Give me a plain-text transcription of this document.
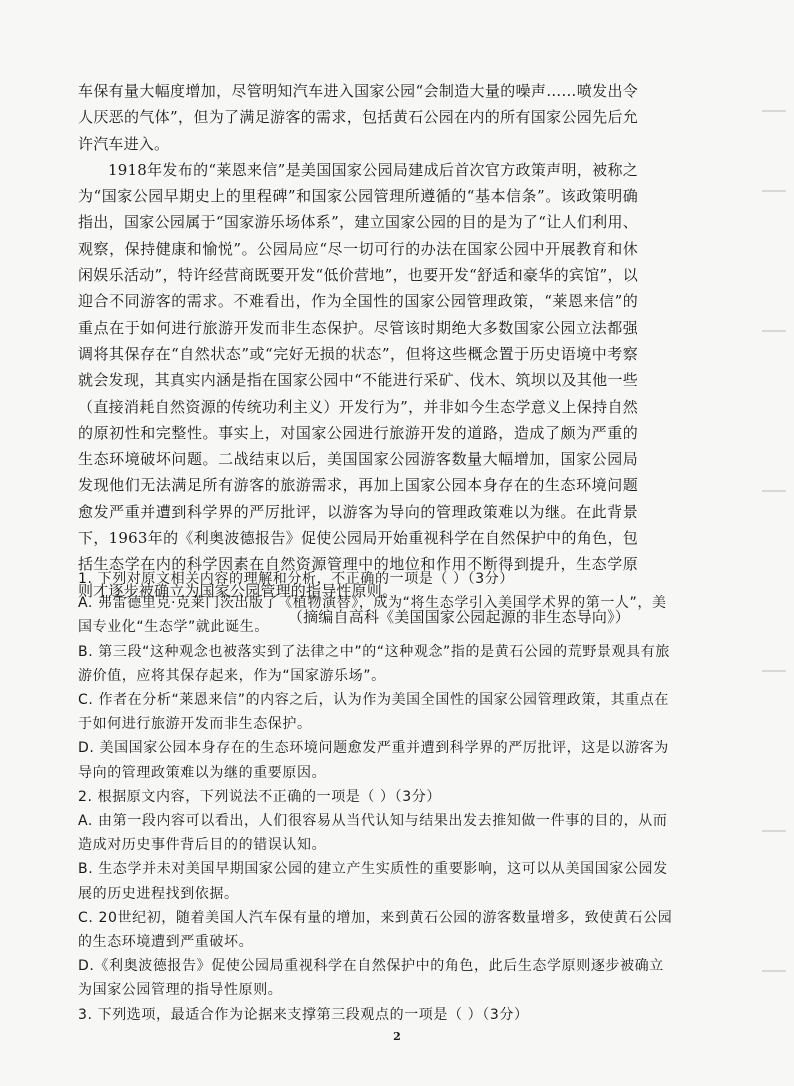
车保有量大幅度增加，尽管明知汽车进入国家公园“会制造大量的噪声……喷发出令人厌恶的气体”，但为了满足游客的需求，包括黄石公园在内的所有国家公园先后允许汽车进入。

1918年发布的“莱恩来信”是美国国家公园局建成后首次官方政策声明，被称之为“国家公园早期史上的里程碑”和国家公园管理所遵循的“基本信条”。该政策明确指出，国家公园属于“国家游乐场体系”，建立国家公园的目的是为了“让人们利用、观察，保持健康和愉悦”。公园局应“尽一切可行的办法在国家公园中开展教育和休闲娱乐活动”，特许经营商既要开发“低价营地”，也要开发“舒适和豪华的宾馆”，以迎合不同游客的需求。不难看出，作为全国性的国家公园管理政策，“莱恩来信”的重点在于如何进行旅游开发而非生态保护。尽管该时期绝大多数国家公园立法都强调将其保存在“自然状态”或“完好无损的状态”，但将这些概念置于历史语境中考察就会发现，其真实内涵是指在国家公园中“不能进行采矿、伐木、筑坝以及其他一些（直接消耗自然资源的传统功利主义）开发行为”，并非如今生态学意义上保持自然的原初性和完整性。事实上，对国家公园进行旅游开发的道路，造成了颇为严重的生态环境破坏问题。二战结束以后，美国国家公园游客数量大幅增加，国家公园局发现他们无法满足所有游客的旅游需求，再加上国家公园本身存在的生态环境问题愈发严重并遭到科学界的严厉批评，以游客为导向的管理政策难以为继。在此背景下，1963年的《利奥波德报告》促使公园局开始重视科学在自然保护中的角色，包括生态学在内的科学因素在自然资源管理中的地位和作用不断得到提升，生态学原则才逐步被确立为国家公园管理的指导性原则。

（摘编自高科《美国国家公园起源的非生态导向》）

1. 下列对原文相关内容的理解和分析，不正确的一项是（ ）（3分）

A. 弗雷德里克·克莱门茨出版了《植物演替》，成为“将生态学引入美国学术界的第一人”，美国专业化“生态学”就此诞生。

B. 第三段“这种观念也被落实到了法律之中”的“这种观念”指的是黄石公园的荒野景观具有旅游价值，应将其保存起来，作为“国家游乐场”。

C. 作者在分析“莱恩来信”的内容之后，认为作为美国全国性的国家公园管理政策，其重点在于如何进行旅游开发而非生态保护。

D. 美国国家公园本身存在的生态环境问题愈发严重并遭到科学界的严厉批评，这是以游客为导向的管理政策难以为继的重要原因。

2. 根据原文内容，下列说法不正确的一项是（ ）（3分）

A. 由第一段内容可以看出，人们很容易从当代认知与结果出发去推知做一件事的目的，从而造成对历史事件背后目的的错误认知。

B. 生态学并未对美国早期国家公园的建立产生实质性的重要影响，这可以从美国国家公园发展的历史进程找到依据。

C. 20世纪初，随着美国人汽车保有量的增加，来到黄石公园的游客数量增多，致使黄石公园的生态环境遭到严重破坏。

D.《利奥波德报告》促使公园局重视科学在自然保护中的角色，此后生态学原则逐步被确立为国家公园管理的指导性原则。

3. 下列选项，最适合作为论据来支撑第三段观点的一项是（ ）（3分）

2
